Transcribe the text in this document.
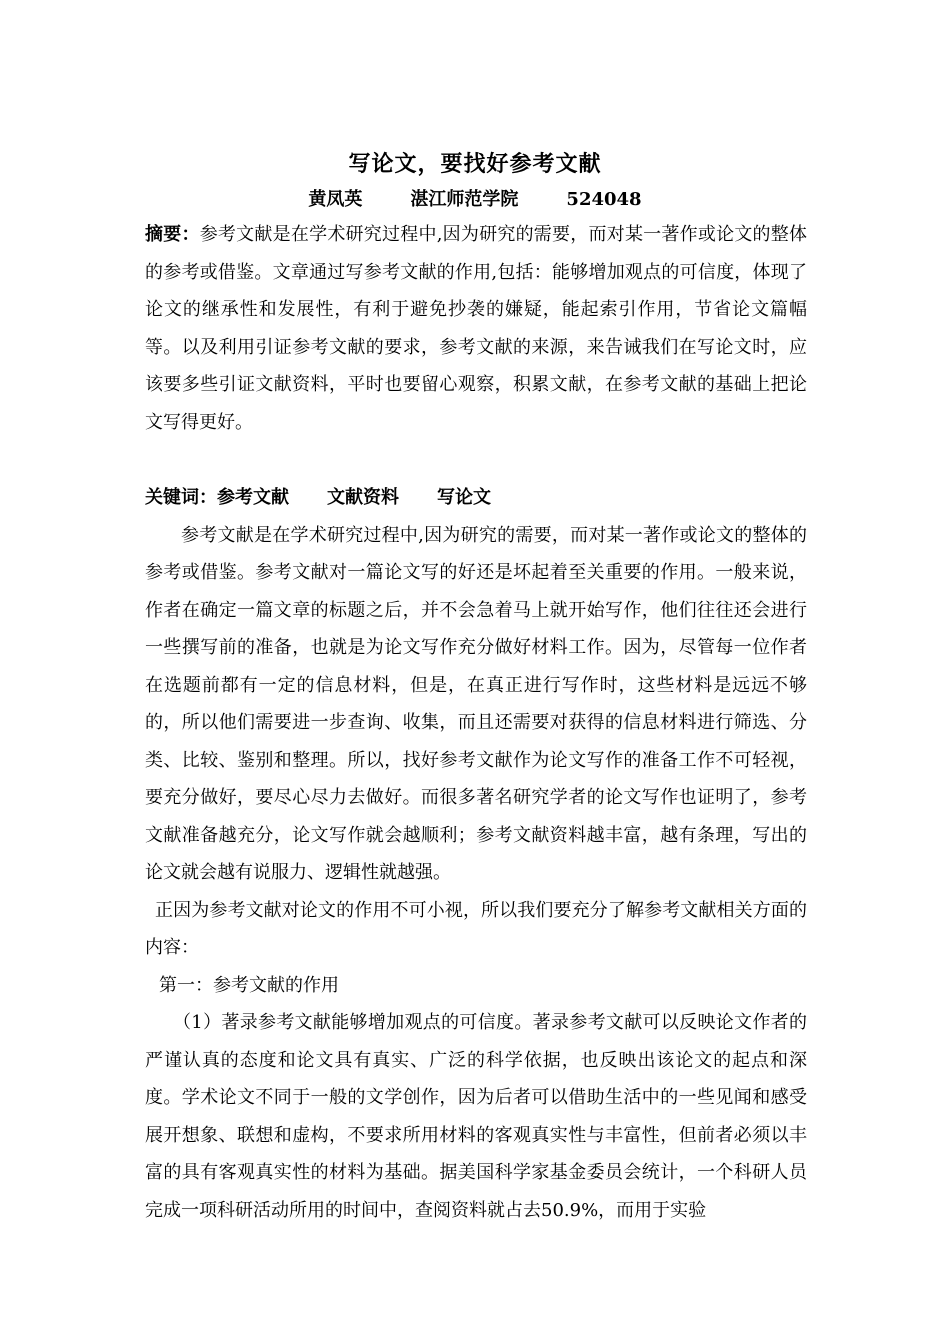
写论文，要找好参考文献
黄凤英	湛江师范学院	524048

摘要：参考文献是在学术研究过程中,因为研究的需要，而对某一著作或论文的整体的参考或借鉴。文章通过写参考文献的作用,包括：能够增加观点的可信度，体现了论文的继承性和发展性，有利于避免抄袭的嫌疑，能起索引作用，节省论文篇幅等。以及利用引证参考文献的要求，参考文献的来源，来告诫我们在写论文时，应该要多些引证文献资料，平时也要留心观察，积累文献，在参考文献的基础上把论文写得更好。

关键词：参考文献 文献资料 写论文

参考文献是在学术研究过程中,因为研究的需要，而对某一著作或论文的整体的参考或借鉴。参考文献对一篇论文写的好还是坏起着至关重要的作用。一般来说，作者在确定一篇文章的标题之后，并不会急着马上就开始写作，他们往往还会进行一些撰写前的准备，也就是为论文写作充分做好材料工作。因为，尽管每一位作者在选题前都有一定的信息材料，但是，在真正进行写作时，这些材料是远远不够的，所以他们需要进一步查询、收集，而且还需要对获得的信息材料进行筛选、分类、比较、鉴别和整理。所以，找好参考文献作为论文写作的准备工作不可轻视，要充分做好，要尽心尽力去做好。而很多著名研究学者的论文写作也证明了，参考文献准备越充分，论文写作就会越顺利；参考文献资料越丰富，越有条理，写出的论文就会越有说服力、逻辑性就越强。

正因为参考文献对论文的作用不可小视，所以我们要充分了解参考文献相关方面的内容：

第一：参考文献的作用

（1）著录参考文献能够增加观点的可信度。著录参考文献可以反映论文作者的严谨认真的态度和论文具有真实、广泛的科学依据，也反映出该论文的起点和深度。学术论文不同于一般的文学创作，因为后者可以借助生活中的一些见闻和感受展开想象、联想和虚构，不要求所用材料的客观真实性与丰富性，但前者必须以丰富的具有客观真实性的材料为基础。据美国科学家基金委员会统计，一个科研人员完成一项科研活动所用的时间中，查阅资料就占去50.9%，而用于实验
